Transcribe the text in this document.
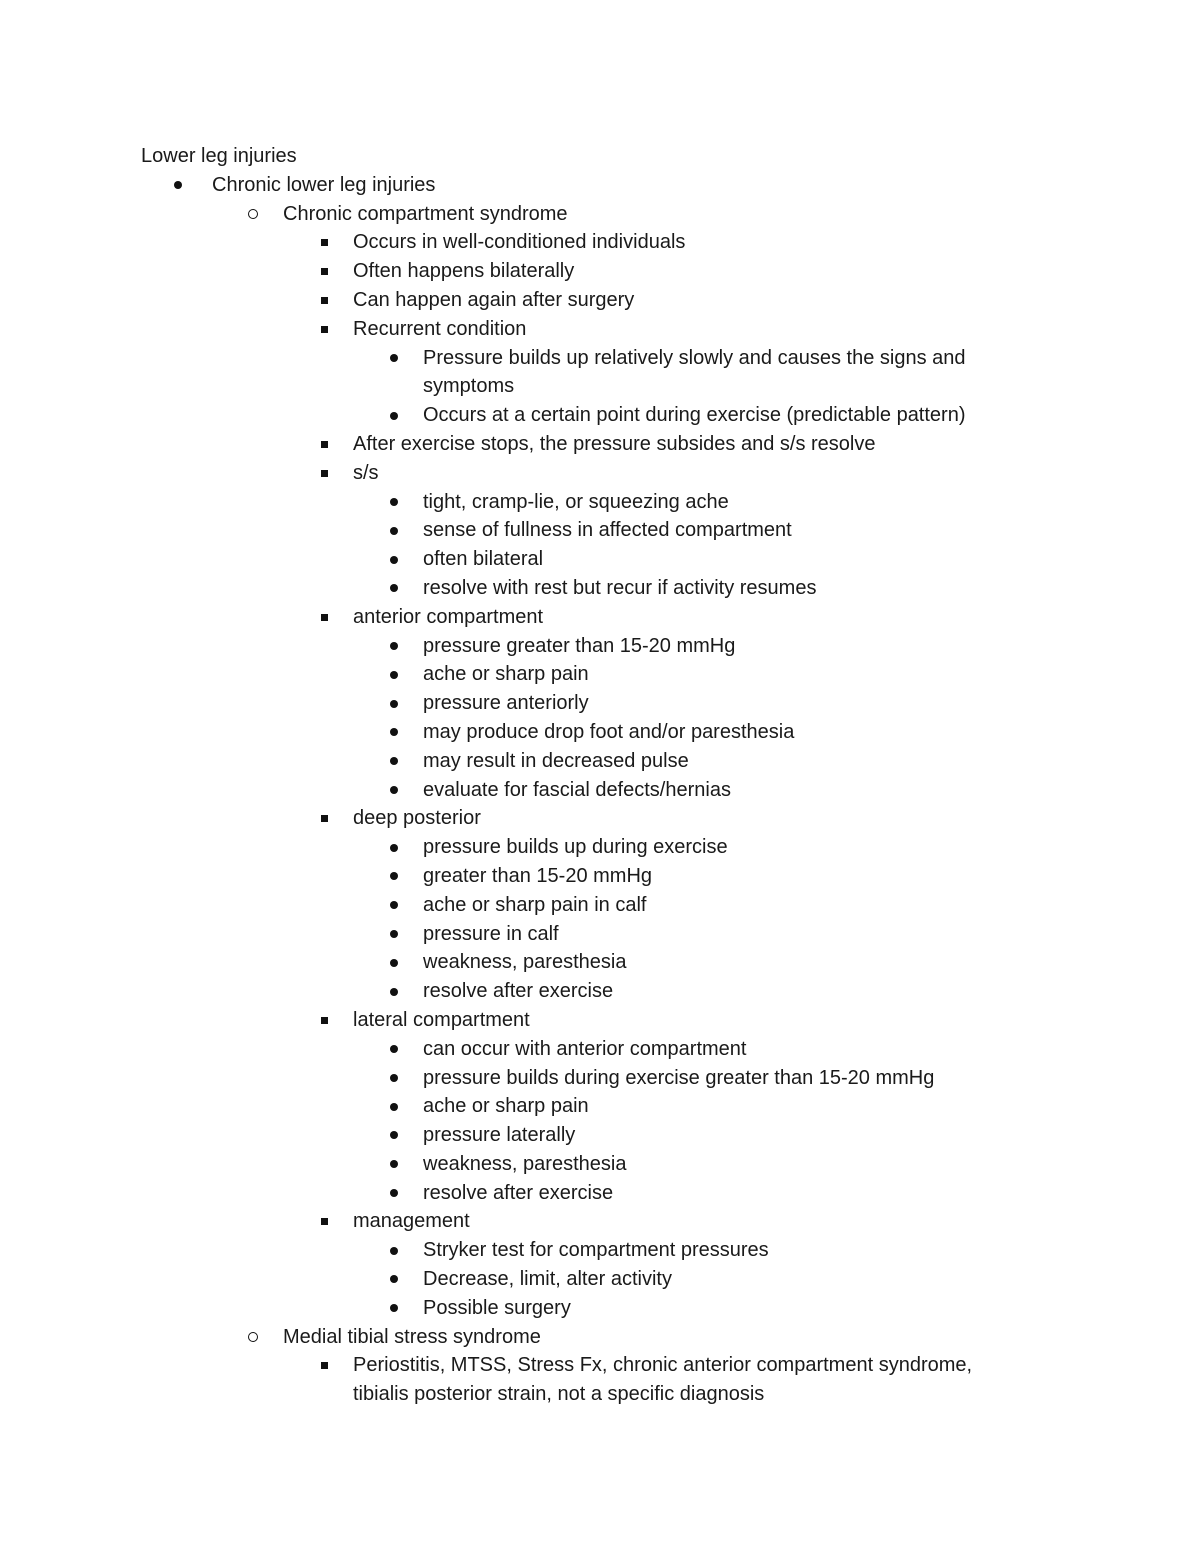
Lower leg injuries
Chronic lower leg injuries
Chronic compartment syndrome
Occurs in well-conditioned individuals
Often happens bilaterally
Can happen again after surgery
Recurrent condition
Pressure builds up relatively slowly and causes the signs and
symptoms
Occurs at a certain point during exercise (predictable pattern)
After exercise stops, the pressure subsides and s/s resolve
s/s
tight, cramp-lie, or squeezing ache
sense of fullness in affected compartment
often bilateral
resolve with rest but recur if activity resumes
anterior compartment
pressure greater than 15-20 mmHg
ache or sharp pain
pressure anteriorly
may produce drop foot and/or paresthesia
may result in decreased pulse
evaluate for fascial defects/hernias
deep posterior
pressure builds up during exercise
greater than 15-20 mmHg
ache or sharp pain in calf
pressure in calf
weakness, paresthesia
resolve after exercise
lateral compartment
can occur with anterior compartment
pressure builds during exercise greater than 15-20 mmHg
ache or sharp pain
pressure laterally
weakness, paresthesia
resolve after exercise
management
Stryker test for compartment pressures
Decrease, limit, alter activity
Possible surgery
Medial tibial stress syndrome
Periostitis, MTSS, Stress Fx, chronic anterior compartment syndrome,
tibialis posterior strain, not a specific diagnosis
